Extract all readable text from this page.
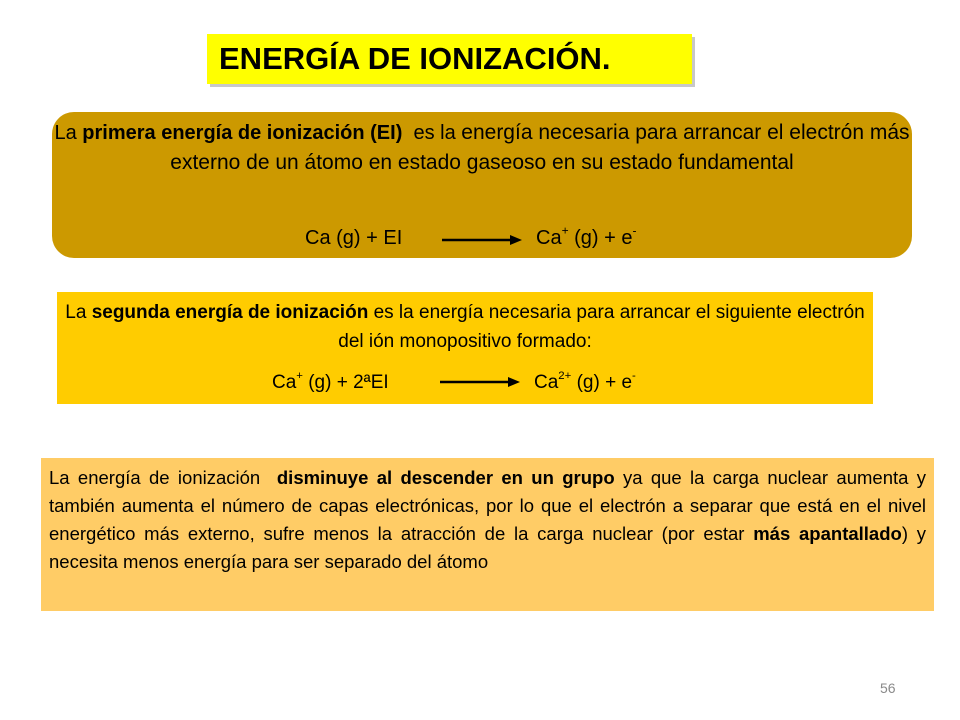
ENERGÍA DE IONIZACIÓN.
La primera energía de ionización (EI)  es la energía necesaria para arrancar el electrón más externo de un átomo en estado gaseoso en su estado fundamental
Ca (g) + EI	Ca+ (g) + e-
La segunda energía de ionización es la energía necesaria para arrancar el siguiente electrón del ión monopositivo formado:
Ca+ (g) + 2ªEI	$Ca^{2+}$ (g) + e-
La energía de ionización  disminuye al descender en un grupo ya que la carga nuclear aumenta y también aumenta el número de capas electrónicas, por lo que el electrón a separar que está en el nivel energético más externo, sufre menos la atracción de la carga nuclear (por estar más apantallado) y necesita menos energía para ser separado del átomo
56
